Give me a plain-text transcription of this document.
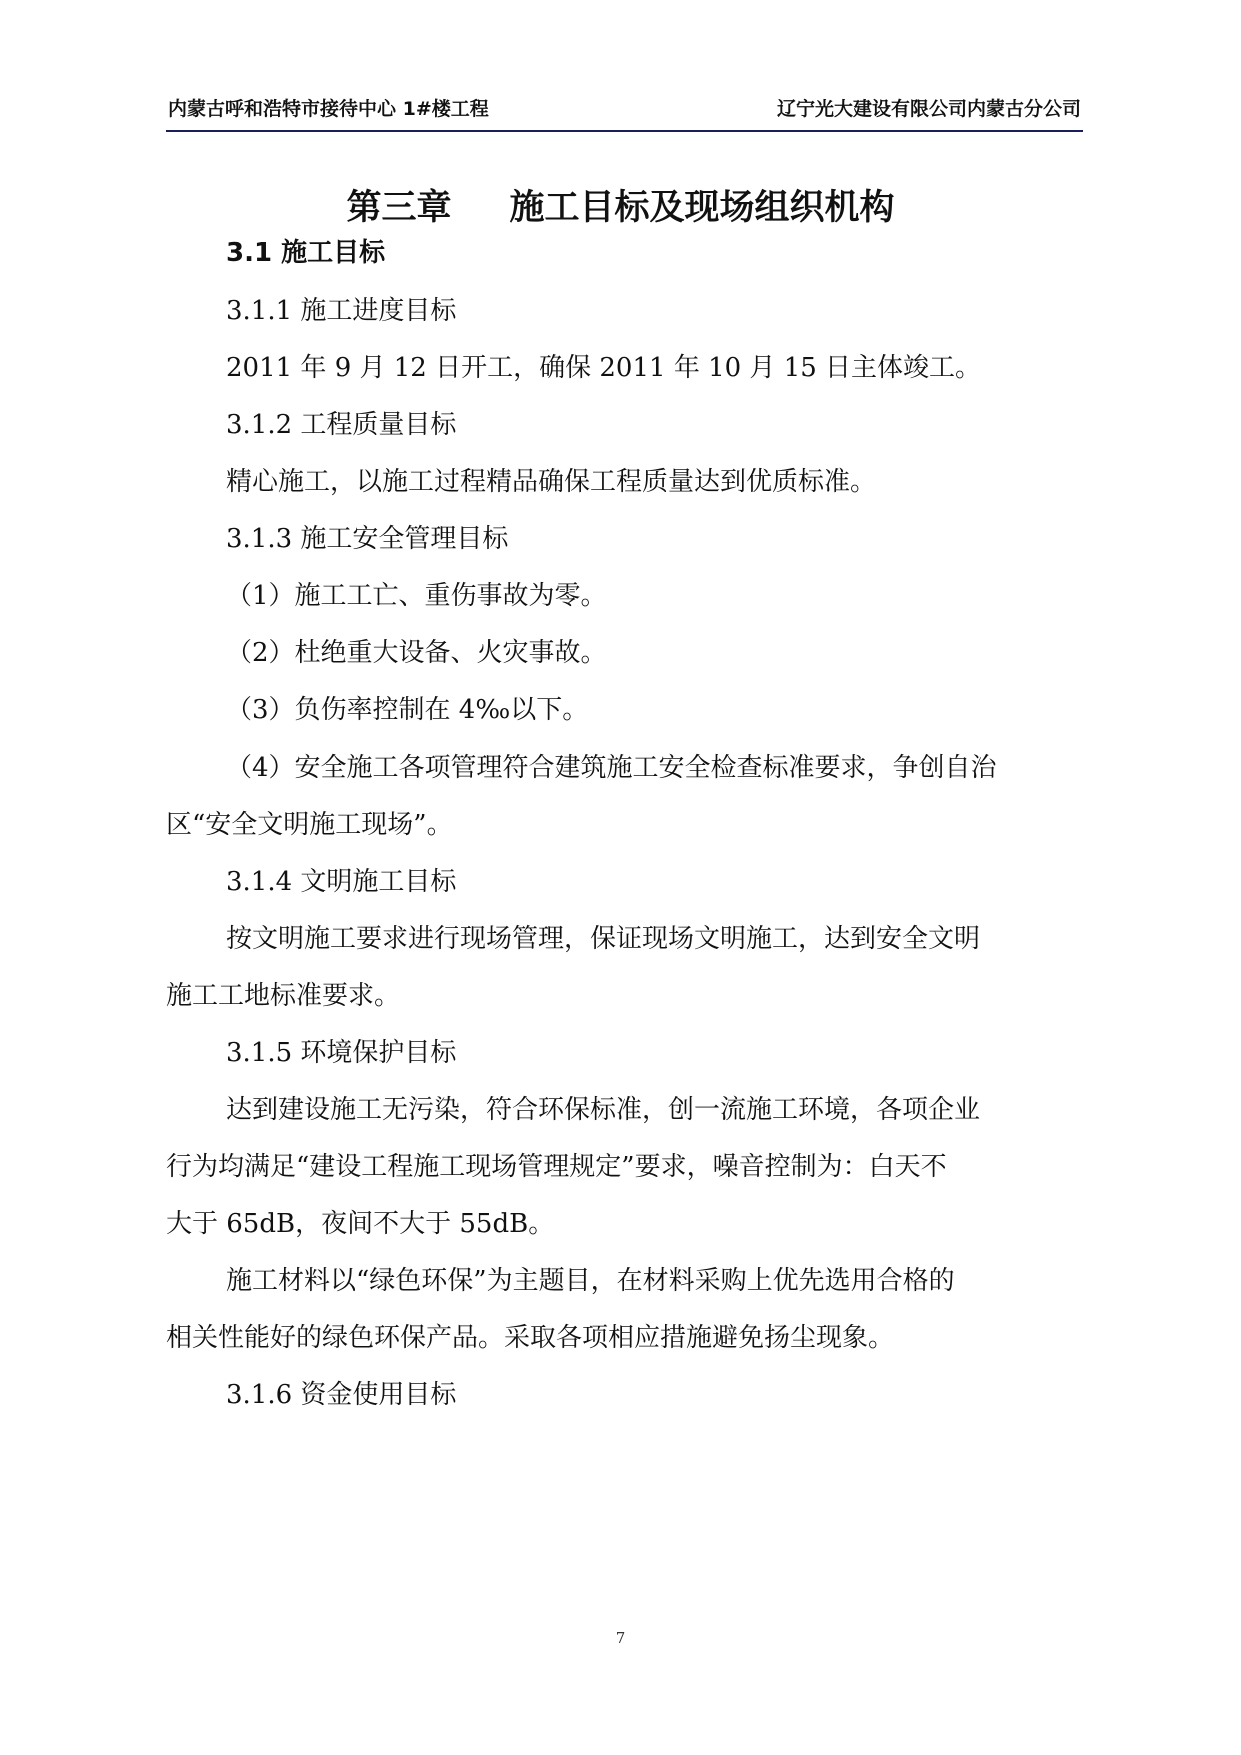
内蒙古呼和浩特市接待中心 1#楼工程	辽宁光大建设有限公司内蒙古分公司
第三章 施工目标及现场组织机构
3.1 施工目标
3.1.1 施工进度目标
2011 年 9 月 12 日开工，确保 2011 年 10 月 15 日主体竣工。
3.1.2 工程质量目标
精心施工，以施工过程精品确保工程质量达到优质标准。
3.1.3 施工安全管理目标
（1）施工工亡、重伤事故为零。
（2）杜绝重大设备、火灾事故。
（3）负伤率控制在 4‰以下。
（4）安全施工各项管理符合建筑施工安全检查标准要求，争创自治
区“安全文明施工现场”。
3.1.4 文明施工目标
按文明施工要求进行现场管理，保证现场文明施工，达到安全文明
施工工地标准要求。
3.1.5 环境保护目标
达到建设施工无污染，符合环保标准，创一流施工环境，各项企业
行为均满足“建设工程施工现场管理规定”要求，噪音控制为：白天不
大于 65dB，夜间不大于 55dB。
施工材料以“绿色环保”为主题目，在材料采购上优先选用合格的
相关性能好的绿色环保产品。采取各项相应措施避免扬尘现象。
3.1.6 资金使用目标
7
